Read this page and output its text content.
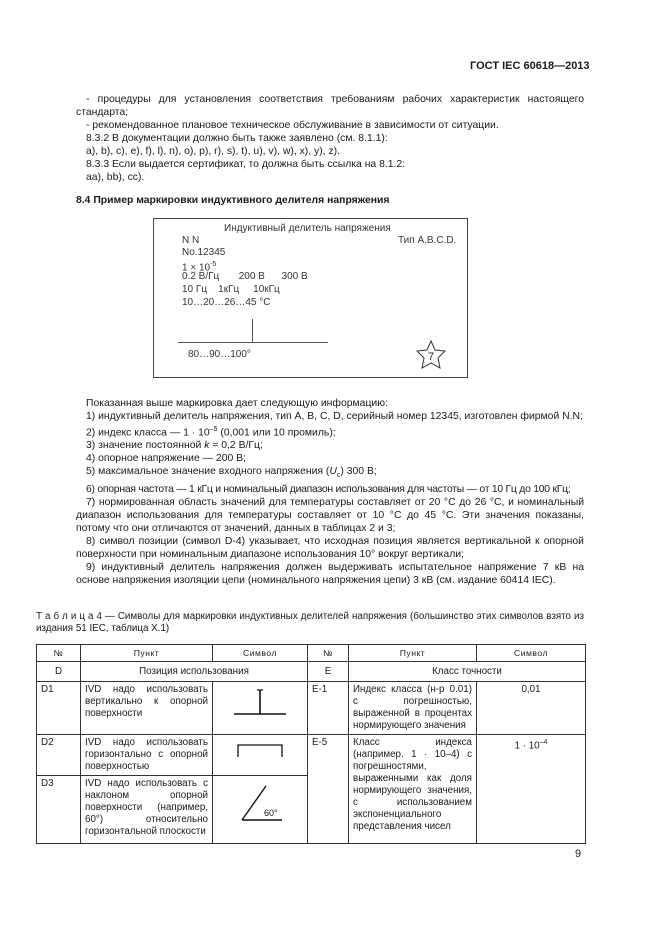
ГОСТ IEC 60618—2013

- процедуры для установления соответствия требованиям рабочих характеристик настоящего стандарта;

- рекомендованное плановое техническое обслуживание в зависимости от ситуации.

8.3.2 В документации должно быть также заявлено (см. 8.1.1):

a), b), c), e), f), l), n), o), p), r), s), t), u), v), w), x), y), z).

8.3.3 Если выдается сертификат, то должна быть ссылка на 8.1.2:

aa), bb), cc).

8.4 Пример маркировки индуктивного делителя напряжения

Индуктивный делитель напряжения
N N	Тип A.B.C.D.
No.12345
$1 \times 10^{-5}$
0.2 В/Гц       200 В      300 В
10 Гц    1кГц     10кГц
10…20…26…45 °С
80…90…100°	7

Показанная выше маркировка дает следующую информацию:

1) индуктивный делитель напряжения, тип A, B, C, D, серийный номер 12345, изготовлен фирмой N.N;

2) индекс класса — $1 \cdot 10^{-5}$ (0,001 или 10 промиль);

3) значение постоянной k = 0,2 В/Гц;

4) опорное напряжение — 200 В;

5) максимальное значение входного напряжения $(U_c)$ 300 В;

6) опорная частота — 1 кГц и номинальный диапазон использования для частоты — от 10 Гц до 100 кГц;

7) нормированная область значений для температуры составляет от 20 °С до 26 °С, и номинальный диапазон использования для температуры составляет от 10 °С до 45 °С. Эти значения показаны, потому что они отличаются от значений, данных в таблицах 2 и 3;

8) символ позиции (символ D-4) указывает, что исходная позиция является вертикальной к опорной поверхности при номинальным диапазоне использования 10° вокруг вертикали;

9) индуктивный делитель напряжения должен выдерживать испытательное напряжение 7 кВ на основе напряжения изоляции цепи (номинального напряжения цепи) 3 кВ (см. издание 60414 IEC).

Т а б л и ц а 4 — Символы для маркировки индуктивных делителей напряжения (большинство этих символов взято из издания 51 IEC, таблица X.1)
№	Пункт	Символ	№	Пункт	Символ
D	Позиция использования		E	Класс точности	
D1	IVD надо использовать вертикально к опорной поверхности		E-1	Индекс класса (н-р 0.01) с погрешностью, выраженной в процентах нормирующего значения	0,01
D2	IVD надо использовать горизонтально с опорной поверхностью		E-5	Класс индекса (например. 1 · 10–4) с погрешностями, выраженными как доля нормирующего значения, с использованием экспоненциального представления чисел	$1 \cdot 10^{-4}$
D3	IVD надо использовать с наклоном опорной поверхности (например, 60°) относительно горизонтальной плоскости	60°			
9
